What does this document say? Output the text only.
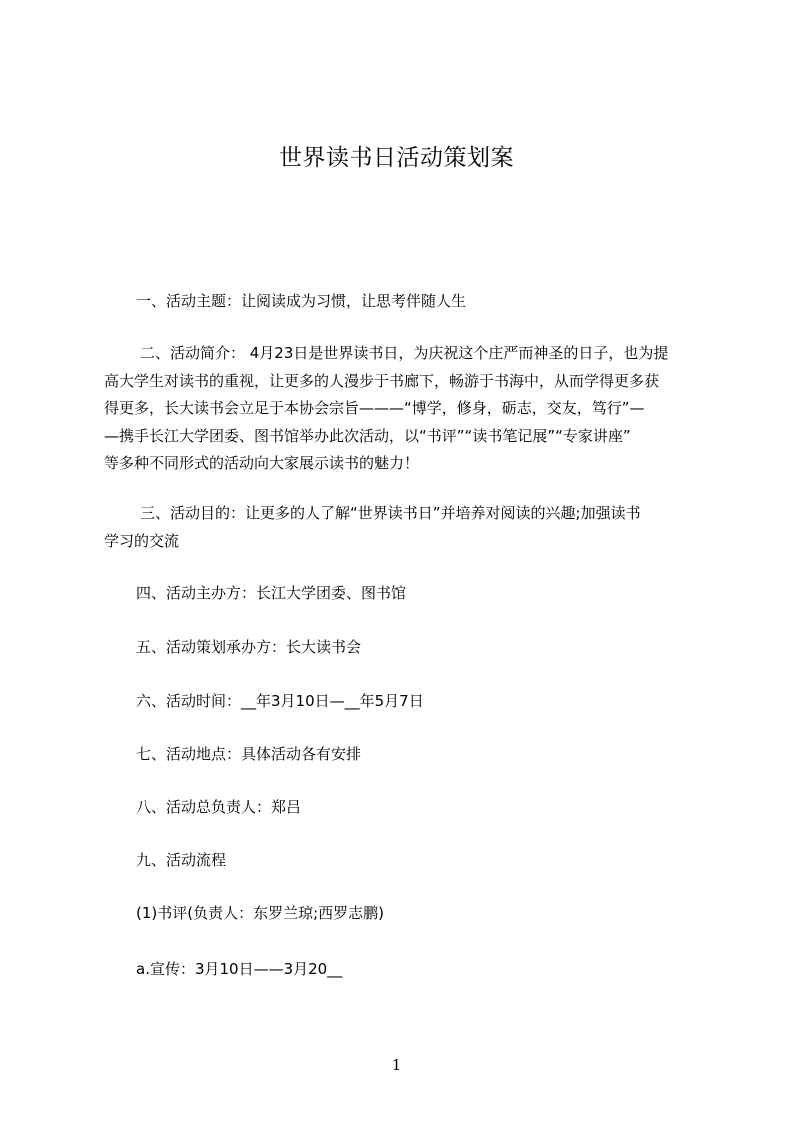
世界读书日活动策划案
一、活动主题：让阅读成为习惯，让思考伴随人生
二、活动简介： 4月23日是世界读书日，为庆祝这个庄严而神圣的日子，也为提
高大学生对读书的重视，让更多的人漫步于书廊下，畅游于书海中，从而学得更多获
得更多，长大读书会立足于本协会宗旨———“博学，修身，砺志，交友，笃行”—
—携手长江大学团委、图书馆举办此次活动，以“书评”“读书笔记展”“专家讲座”
等多种不同形式的活动向大家展示读书的魅力！
三、活动目的：让更多的人了解“世界读书日”并培养对阅读的兴趣;加强读书
学习的交流
四、活动主办方：长江大学团委、图书馆
五、活动策划承办方：长大读书会
六、活动时间：__年3月10日—__年5月7日
七、活动地点：具体活动各有安排
八、活动总负责人：郑吕
九、活动流程
(1)书评(负责人：东罗兰琼;西罗志鹏)
a.宣传：3月10日——3月20__
1
